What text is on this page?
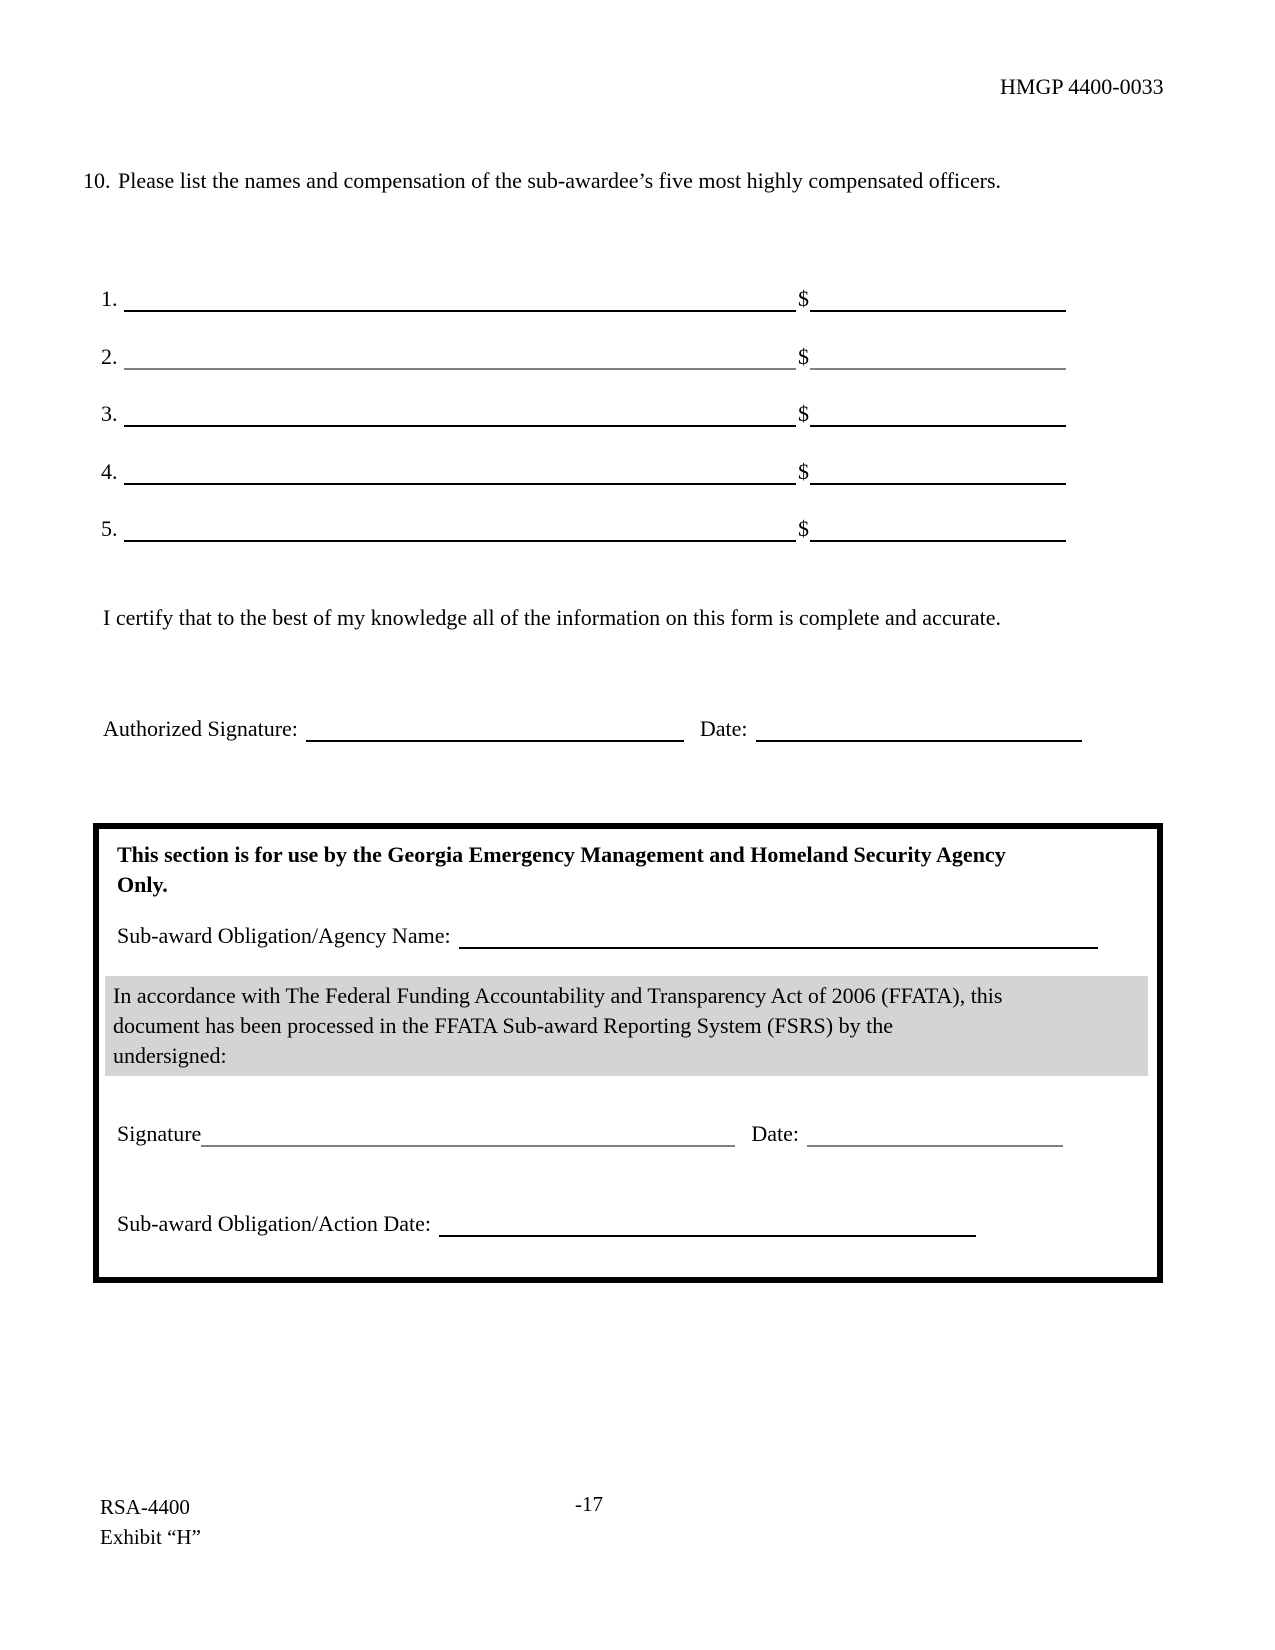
HMGP 4400-0033
10. Please list the names and compensation of the sub-awardee’s five most highly compensated officers.
1.	$
2.	$
3.	$
4.	$
5.	$
I certify that to the best of my knowledge all of the information on this form is complete and accurate.
Authorized Signature:	Date:
This section is for use by the Georgia Emergency Management and Homeland Security Agency
Only.
Sub-award Obligation/Agency Name:
In accordance with The Federal Funding Accountability and Transparency Act of 2006 (FFATA), this
document has been processed in the FFATA Sub-award Reporting System (FSRS) by the
undersigned:
Signature	Date:
Sub-award Obligation/Action Date:
RSA-4400
Exhibit “H”
-17
